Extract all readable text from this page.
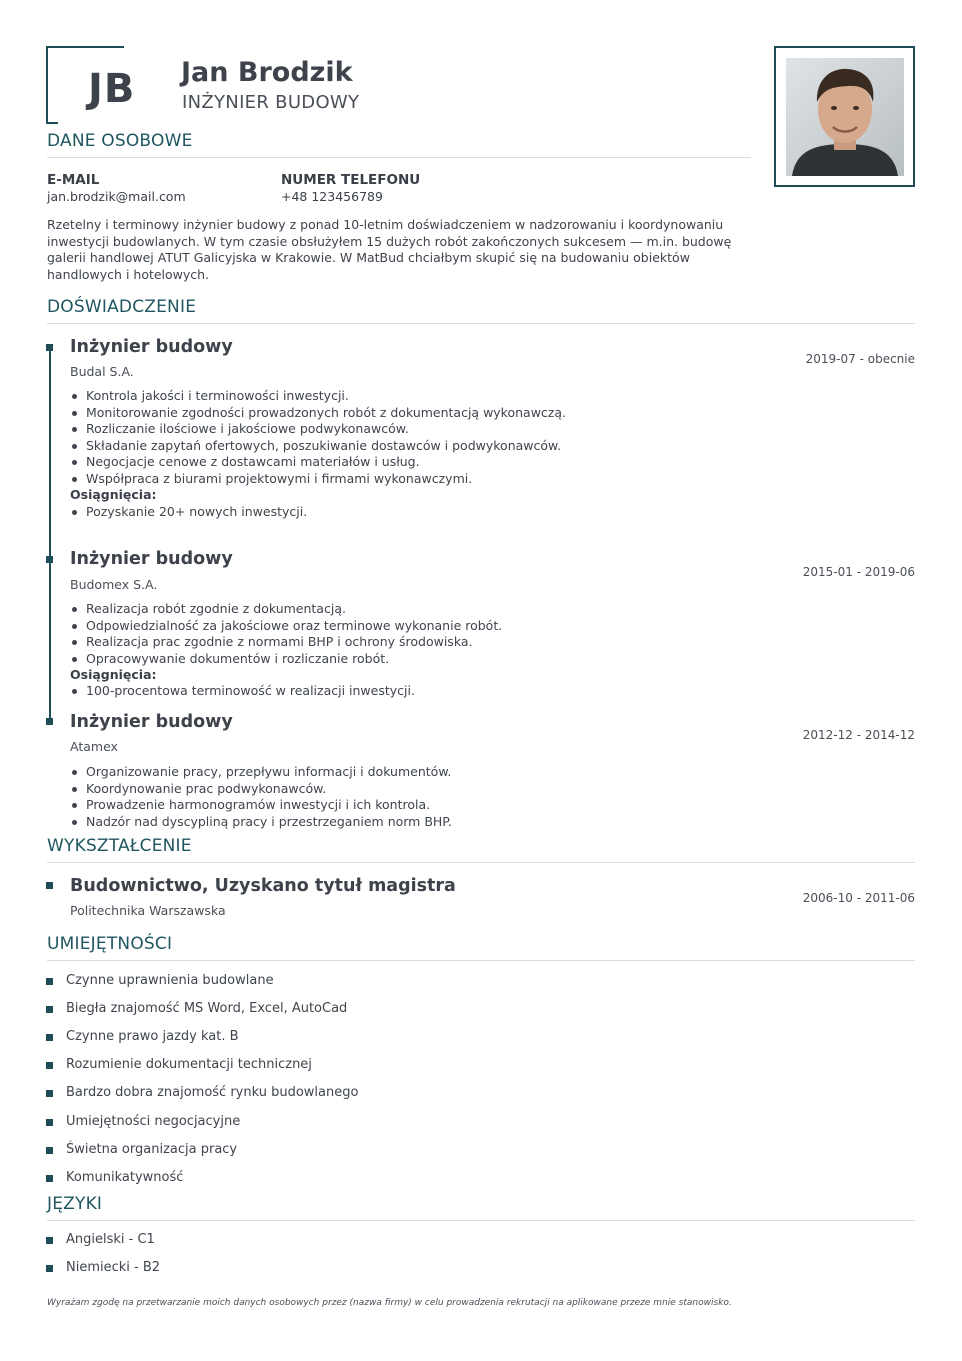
JB Jan Brodzik
INŻYNIER BUDOWY
DANE OSOBOWE
E-MAIL
jan.brodzik@mail.com
NUMER TELEFONU
+48 123456789
Rzetelny i terminowy inżynier budowy z ponad 10-letnim doświadczeniem w nadzorowaniu i koordynowaniu inwestycji budowlanych. W tym czasie obsłużyłem 15 dużych robót zakończonych sukcesem — m.in. budowę galerii handlowej ATUT Galicyjska w Krakowie. W MatBud chciałbym skupić się na budowaniu obiektów handlowych i hotelowych.
DOŚWIADCZENIE
Inżynier budowy
2019-07 - obecnie
Budal S.A.
Kontrola jakości i terminowości inwestycji.
Monitorowanie zgodności prowadzonych robót z dokumentacją wykonawczą.
Rozliczanie ilościowe i jakościowe podwykonawców.
Składanie zapytań ofertowych, poszukiwanie dostawców i podwykonawców.
Negocjacje cenowe z dostawcami materiałów i usług.
Współpraca z biurami projektowymi i firmami wykonawczymi.
Osiągnięcia:
Pozyskanie 20+ nowych inwestycji.
Inżynier budowy
2015-01 - 2019-06
Budomex S.A.
Realizacja robót zgodnie z dokumentacją.
Odpowiedzialność za jakościowe oraz terminowe wykonanie robót.
Realizacja prac zgodnie z normami BHP i ochrony środowiska.
Opracowywanie dokumentów i rozliczanie robót.
Osiągnięcia:
100-procentowa terminowość w realizacji inwestycji.
Inżynier budowy
2012-12 - 2014-12
Atamex
Organizowanie pracy, przepływu informacji i dokumentów.
Koordynowanie prac podwykonawców.
Prowadzenie harmonogramów inwestycji i ich kontrola.
Nadzór nad dyscypliną pracy i przestrzeganiem norm BHP.
WYKSZTAŁCENIE
Budownictwo, Uzyskano tytuł magistra
2006-10 - 2011-06
Politechnika Warszawska
UMIEJĘTNOŚCI
Czynne uprawnienia budowlane
Biegła znajomość MS Word, Excel, AutoCad
Czynne prawo jazdy kat. B
Rozumienie dokumentacji technicznej
Bardzo dobra znajomość rynku budowlanego
Umiejętności negocjacyjne
Świetna organizacja pracy
Komunikatywność
JĘZYKI
Angielski - C1
Niemiecki - B2
Wyrażam zgodę na przetwarzanie moich danych osobowych przez (nazwa firmy) w celu prowadzenia rekrutacji na aplikowane przeze mnie stanowisko.
